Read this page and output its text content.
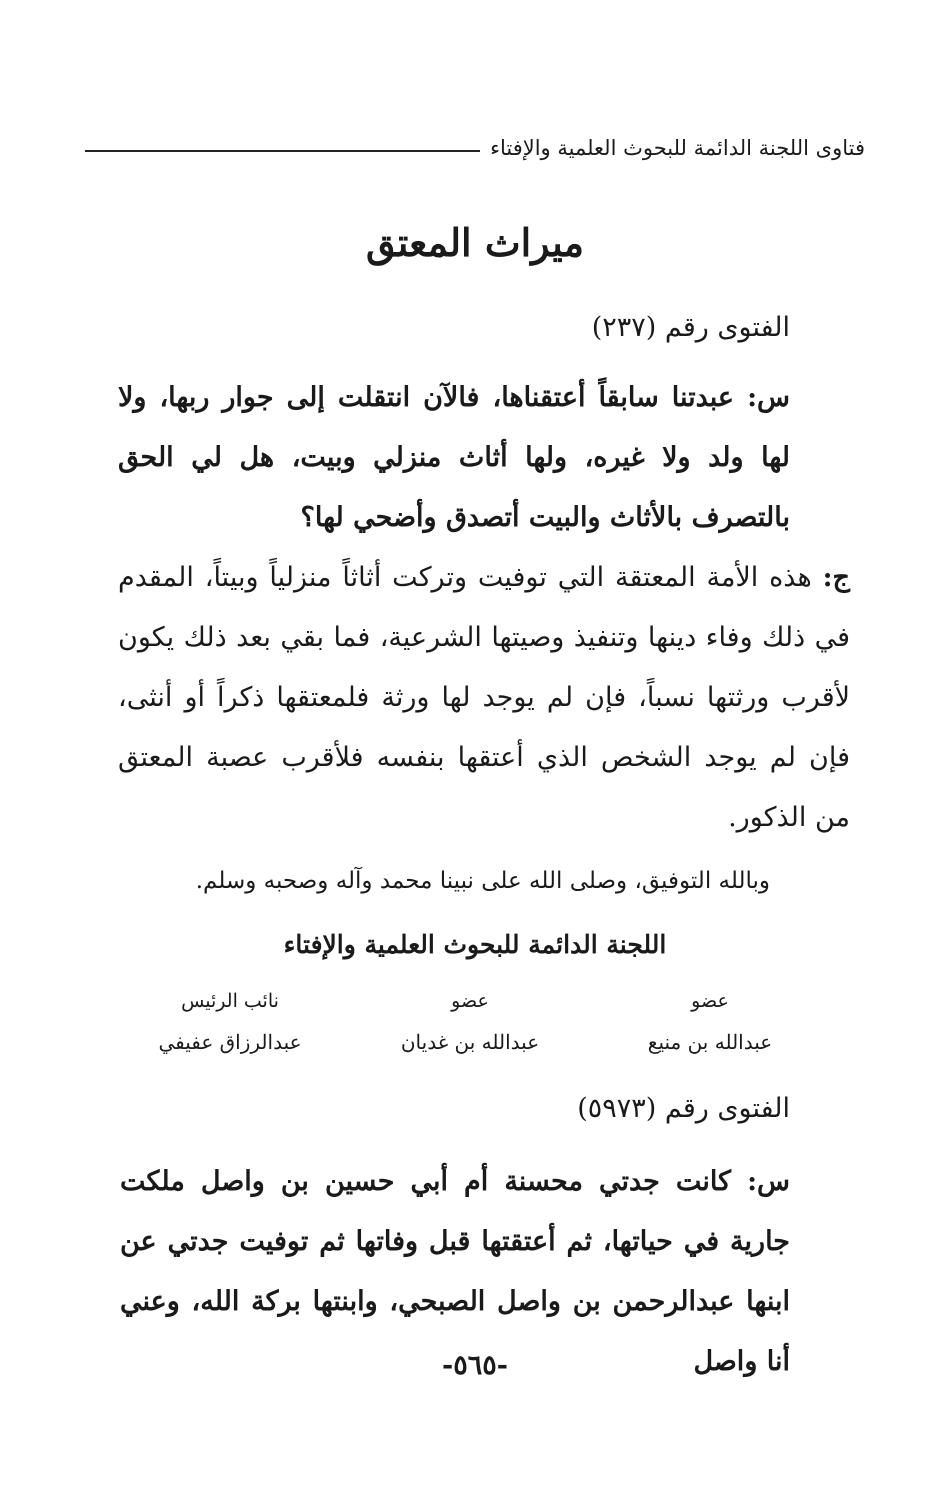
فتاوى اللجنة الدائمة للبحوث العلمية والإفتاء
ميراث المعتق
الفتوى رقم (٢٣٧)
س: عبدتنا سابقاً أعتقناها، فالآن انتقلت إلى جوار ربها، ولا لها ولد ولا غيره، ولها أثاث منزلي وبيت، هل لي الحق بالتصرف بالأثاث والبيت أتصدق وأضحي لها؟
ج: هذه الأمة المعتقة التي توفيت وتركت أثاثاً منزلياً وبيتاً، المقدم في ذلك وفاء دينها وتنفيذ وصيتها الشرعية، فما بقي بعد ذلك يكون لأقرب ورثتها نسباً، فإن لم يوجد لها ورثة فلمعتقها ذكراً أو أنثى، فإن لم يوجد الشخص الذي أعتقها بنفسه فلأقرب عصبة المعتق من الذكور.
وبالله التوفيق، وصلى الله على نبينا محمد وآله وصحبه وسلم.
اللجنة الدائمة للبحوث العلمية والإفتاء
عضو
عبدالله بن منيع
عضو
عبدالله بن غديان
نائب الرئيس
عبدالرزاق عفيفي
الفتوى رقم (٥٩٧٣)
س: كانت جدتي محسنة أم أبي حسين بن واصل ملكت جارية في حياتها، ثم أعتقتها قبل وفاتها ثم توفيت جدتي عن ابنها عبدالرحمن بن واصل الصبحي، وابنتها بركة الله، وعني أنا واصل
-٥٦٥-
